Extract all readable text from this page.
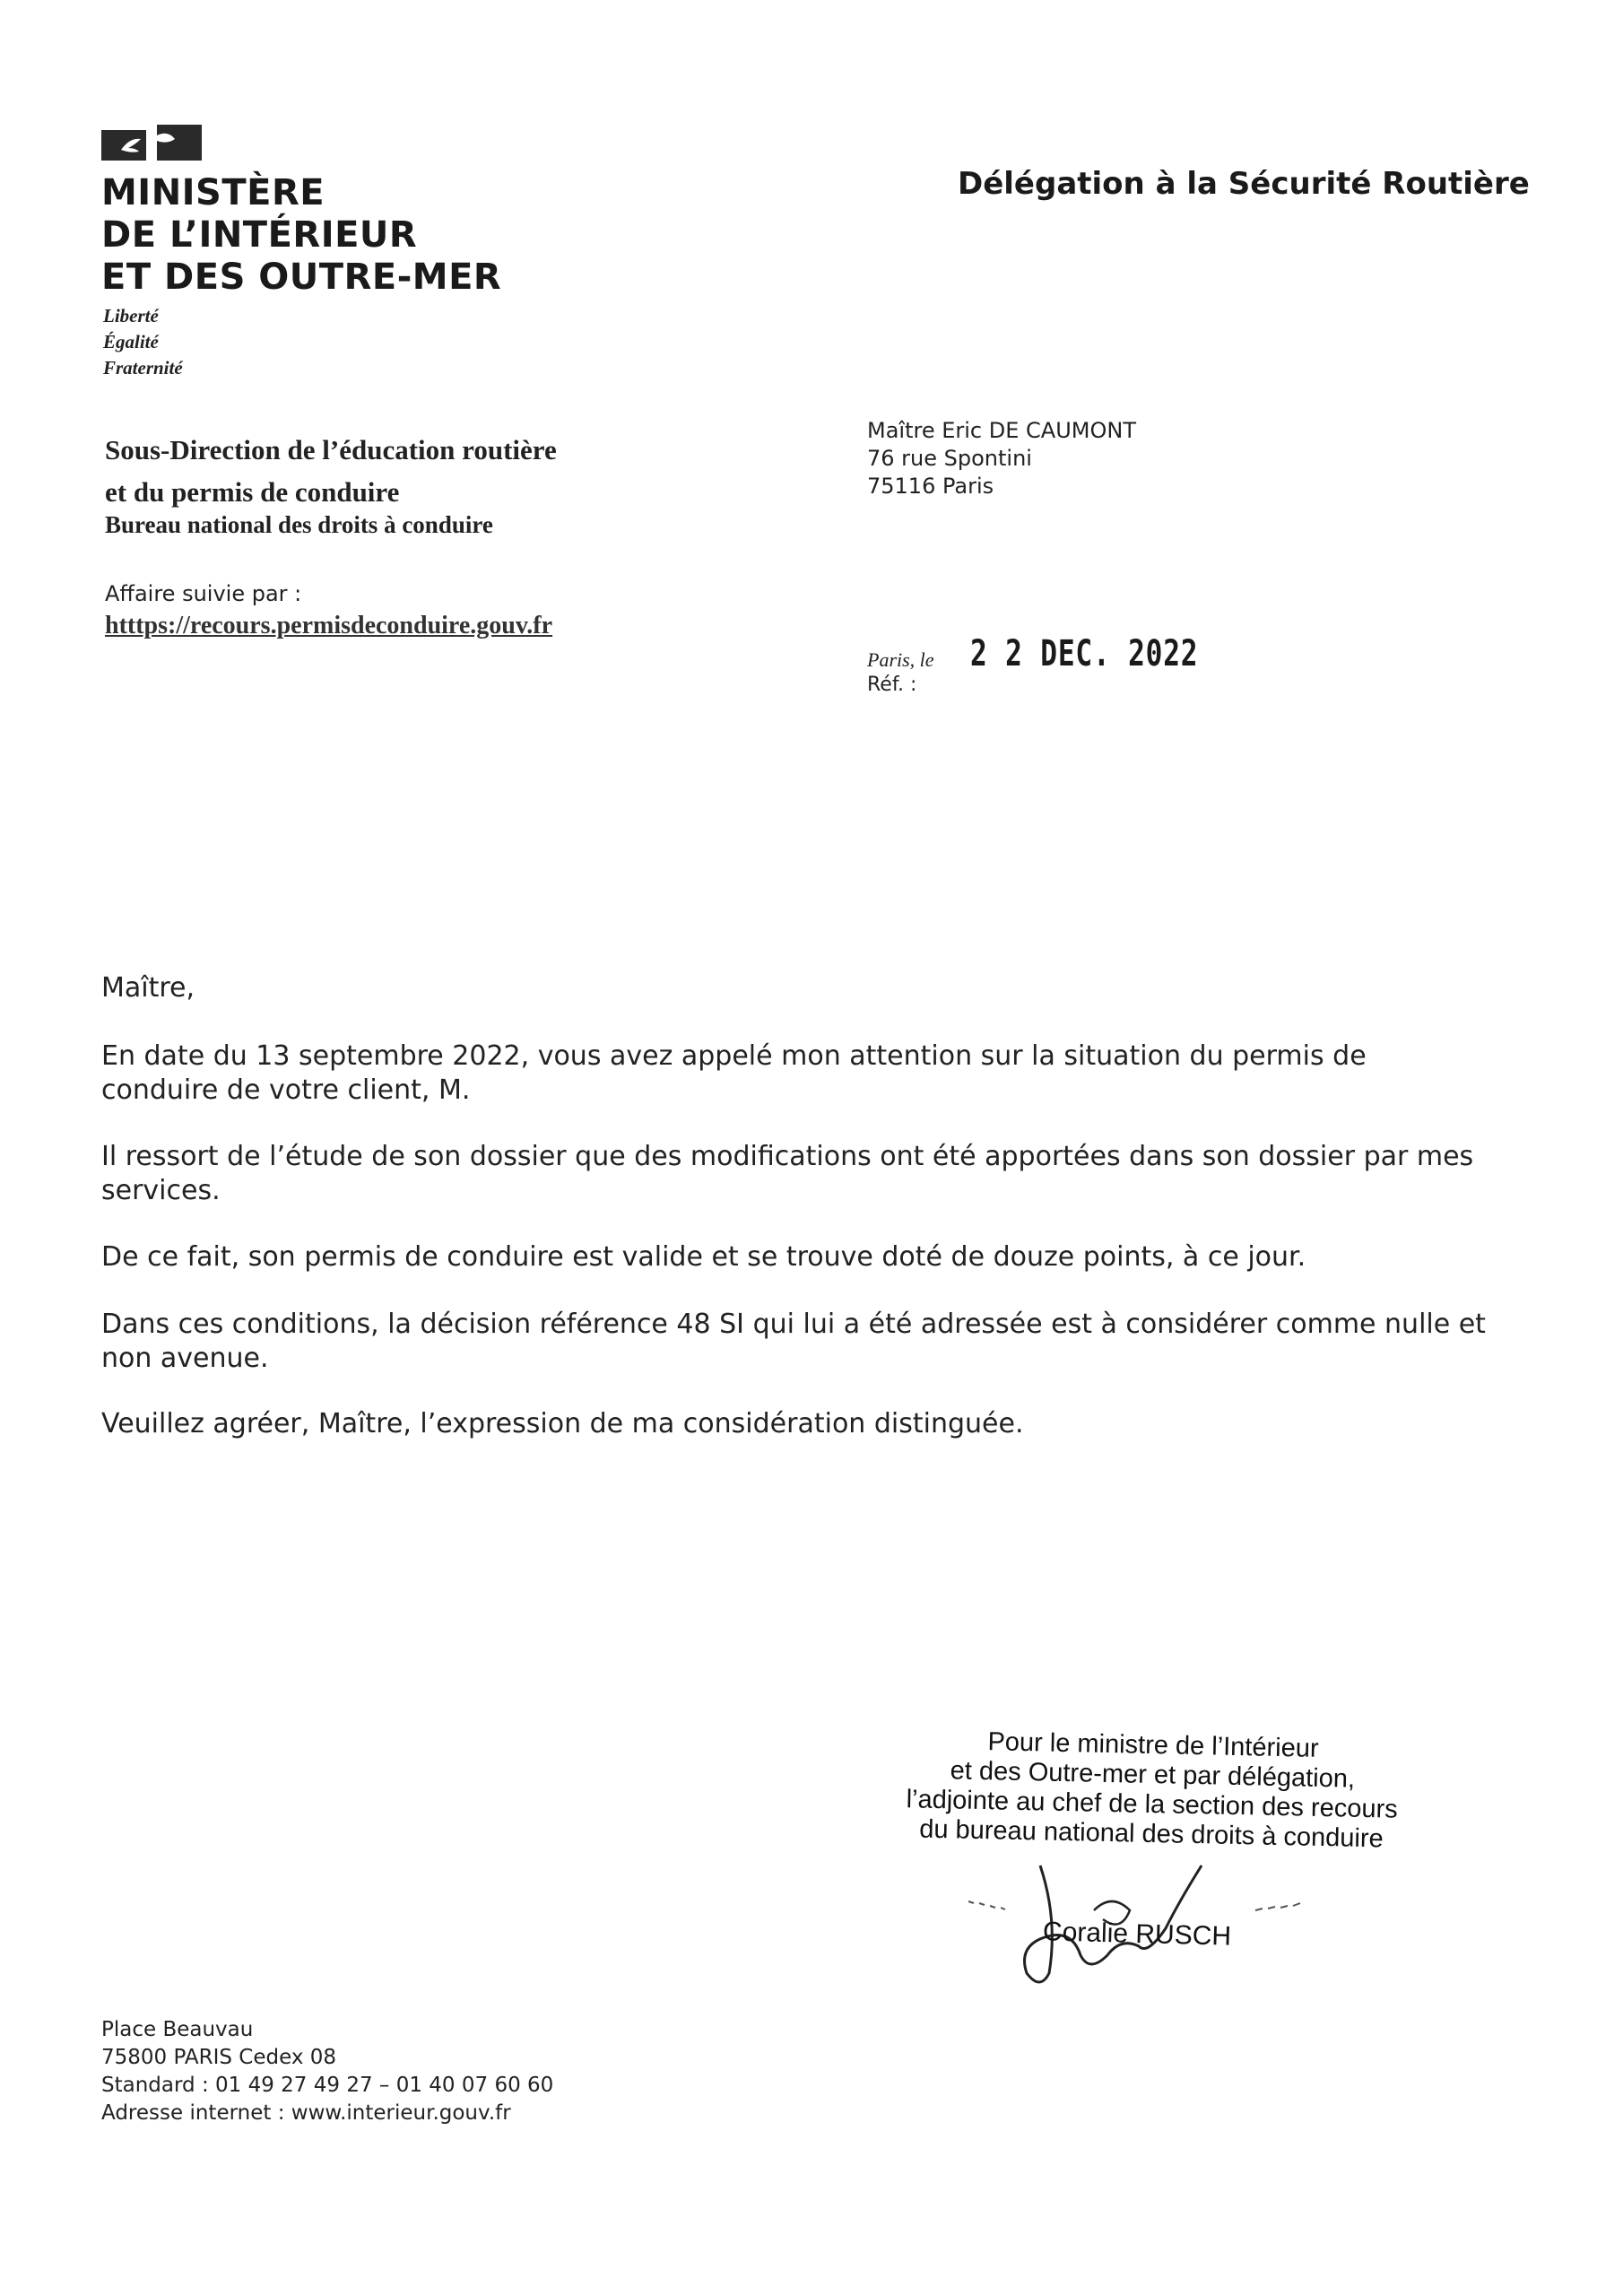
MINISTÈRE
DE L’INTÉRIEUR
ET DES OUTRE-MER
Liberté
Égalité
Fraternité
Délégation à la Sécurité Routière
Sous-Direction de l’éducation routière
et du permis de conduire
Bureau national des droits à conduire
Affaire suivie par :
htttps://recours.permisdeconduire.gouv.fr
Maître Eric DE CAUMONT
76 rue Spontini
75116 Paris
Paris, le
Réf. :
2 2 DEC. 2022
Maître,
En date du 13 septembre 2022, vous avez appelé mon attention sur la situation du permis de conduire de votre client, M.
Il ressort de l’étude de son dossier que des modifications ont été apportées dans son dossier par mes services.
De ce fait, son permis de conduire est valide et se trouve doté de douze points, à ce jour.
Dans ces conditions, la décision référence 48 SI qui lui a été adressée est à considérer comme nulle et non avenue.
Veuillez agréer, Maître, l’expression de ma considération distinguée.
Pour le ministre de l’Intérieur
et des Outre-mer et par délégation,
l’adjointe au chef de la section des recours
du bureau national des droits à conduire
Coralie RUSCH
Place Beauvau
75800 PARIS Cedex 08
Standard : 01 49 27 49 27 – 01 40 07 60 60
Adresse internet : www.interieur.gouv.fr
